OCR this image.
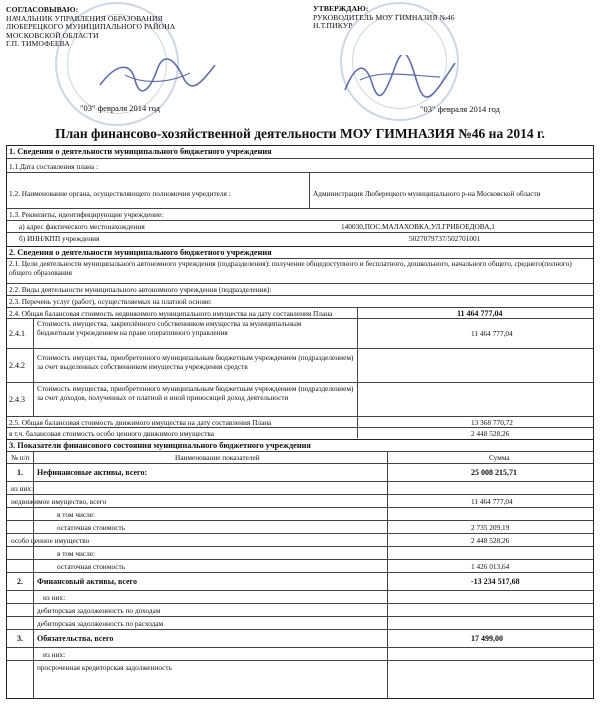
СОГЛАСОВЫВАЮ:
НАЧАЛЬНИК УПРАВЛЕНИЯ ОБРАЗОВАНИЯ
ЛЮБЕРЕЦКОГО МУНИЦИПАЛЬНОГО РАЙОНА
МОСКОВСКОЙ ОБЛАСТИ
Г.П. ТИМОФЕЕВА
"03" февраля 2014 год
УТВЕРЖДАЮ:
РУКОВОДИТЕЛЬ МОУ ГИМНАЗИЯ №46
Н.Т.ПИКУР
"03" февраля 2014 год
План финансово-хозяйственной деятельности МОУ ГИМНАЗИЯ №46 на 2014 г.
1. Сведения о деятельности муниципального бюджетного учреждения
1.1.Дата составления плана :
1.2. Наименование органа, осуществляющего полномочия учредителя :	Администрация Люберецкого муниципального р-на Московской области
1.3. Реквизиты, идентифицирующие учреждение:
а) адрес фактического местонахождения	140030,ПОС.МАЛАХОВКА,УЛ.ГРИБОЕДОВА,1
б) ИНН/КПП учреждения	5027079737/502701001
2. Сведения о деятельности муниципального бюджетного учреждения
2.1. Цели деятельности муниципального автономного учреждения (подразделения): получение общедоступного и бесплатного, дошкольного, начального общего, среднего(полного) общего образования
2.2. Виды деятельности муниципального автономного учреждения (подразделения):
2.3. Перечень услуг (работ), осуществляемых на платной основе:
2.4. Общая балансовая стоимость недвижимого муниципального имущества на дату составления Плана	11 464 777,04
2.4.1
Стоимость имущества, закреплённого собственником имущества за муниципальным бюджетным учреждением на праве оперативного управления	11 464 777,04
2.4.2
Стоимость имущества, приобретенного муниципальным бюджетным учреждением (подразделением) за счет выделенных собственником имущества учреждения средств
2.4.3
Стоимость имущества, приобретенного муниципальным бюджетным учреждением (подразделением) за счет доходов, полученных от платной и иной приносящей доход деятельности
2.5. Общая балансовая стоимость движимого имущества на дату составления Плана	13 368 770,72
в т.ч. балансовая стоимость особо ценного движимого имущества	2 448 528,26
3. Показатели финансового состояния муниципального бюджетного учреждения
№ п/п	Наименование показателей	Сумма
1. Нефинансовые активы, всего:	25 008 215,71
из них:
недвижимое имущество, всего	11 464 777,04
в том числе:
остаточная стоимость	2 735 209,19
особо ценное имущество	2 448 528,26
в том числе:
остаточная стоимость	1 426 013,64
2. Финансовый активы, всего	-13 234 517,68
из них:
дебиторская задолженность по доходам
дебиторская задолженность по расходам
3. Обязательства, всего	17 499,00
из них:
просроченная кредиторская задолженность
